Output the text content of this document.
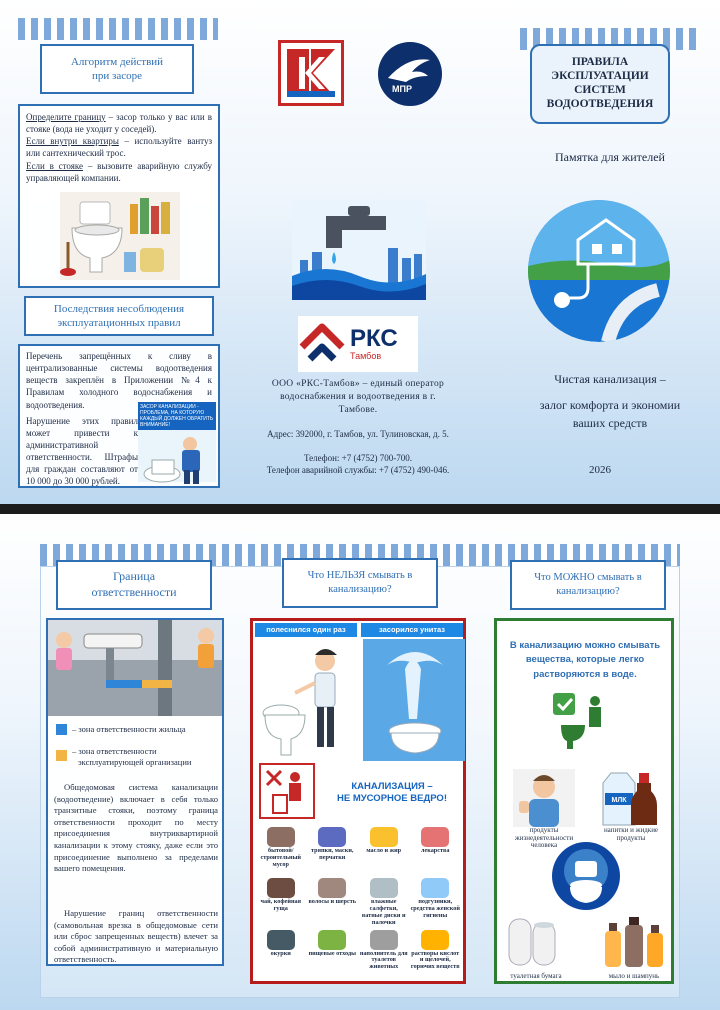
Алгоритм действий
при засоре

Определите границу – засор только у вас или в стояке (вода не уходит у соседей).

Если внутри квартиры – используйте вантуз или сантехнический трос.

Если в стояке – вызовите аварийную службу управляющей компании.

Последствия несоблюдения
эксплуатационных правил

Перечень запрещённых к сливу в централизованные системы водоотведения веществ закреплён в Приложении №4 к Правилам холодного водоснабжения и водоотведения.

Нарушение этих правил может привести к административной ответственности. Штрафы для граждан составляют от 10 000 до 30 000 рублей.

ЗАСОР КАНАЛИЗАЦИИ - ПРОБЛЕМА, НА КОТОРУЮ КАЖДЫЙ ДОЛЖЕН ОБРАТИТЬ ВНИМАНИЕ!
МПР
РКС
Тамбов

ООО «РКС-Тамбов» – единый оператор водоснабжения и водоотведения в г. Тамбове.

Адрес: 392000, г. Тамбов, ул. Тулиновская, д. 5.

Телефон: +7 (4752) 700-700.

Телефон аварийной службы: +7 (4752) 490-046.

ПРАВИЛА
ЭКСПЛУАТАЦИИ
СИСТЕМ
ВОДООТВЕДЕНИЯ

Памятка для жителей

Чистая канализация –
залог комфорта и экономии
ваших средств

2026

Граница
ответственности

– зона ответственности жильца

– зона ответственности
эксплуатирующей организации

Общедомовая система канализации (водоотведение) включает в себя только транзитные стояки, поэтому граница ответственности проходит по месту присоединения внутриквартирной канализации к этому стояку, даже если это присоединение выполнено за пределами вашего помещения.

Нарушение границ ответственности (самовольная врезка в общедомовые сети или сброс запрещенных веществ) влечет за собой административную и материальную ответственность.

Что НЕЛЬЗЯ смывать в
канализацию?
полеcнился один раз	засорился унитаз
КАНАЛИЗАЦИЯ –
НЕ МУСОРНОЕ ВЕДРО!
бытовой/ строительный мусор
тряпки, маски, перчатки
масло и жир	лекарства
чай, кофейная гуща
волосы и шерсть	влажные салфетки, ватные диски и палочки
подгузники, средства женской гигиены
окурки	пищевые отходы наполнитель для туалетов животных
растворы кислот и щелочей, горючих веществ
Что МОЖНО смывать в
канализацию?

В канализацию можно смывать вещества, которые легко растворяются в воде.

продукты жизнедеятельности человека

МЛК

напитки и жидкие продукты

туалетная бумага	мыло и шампунь
